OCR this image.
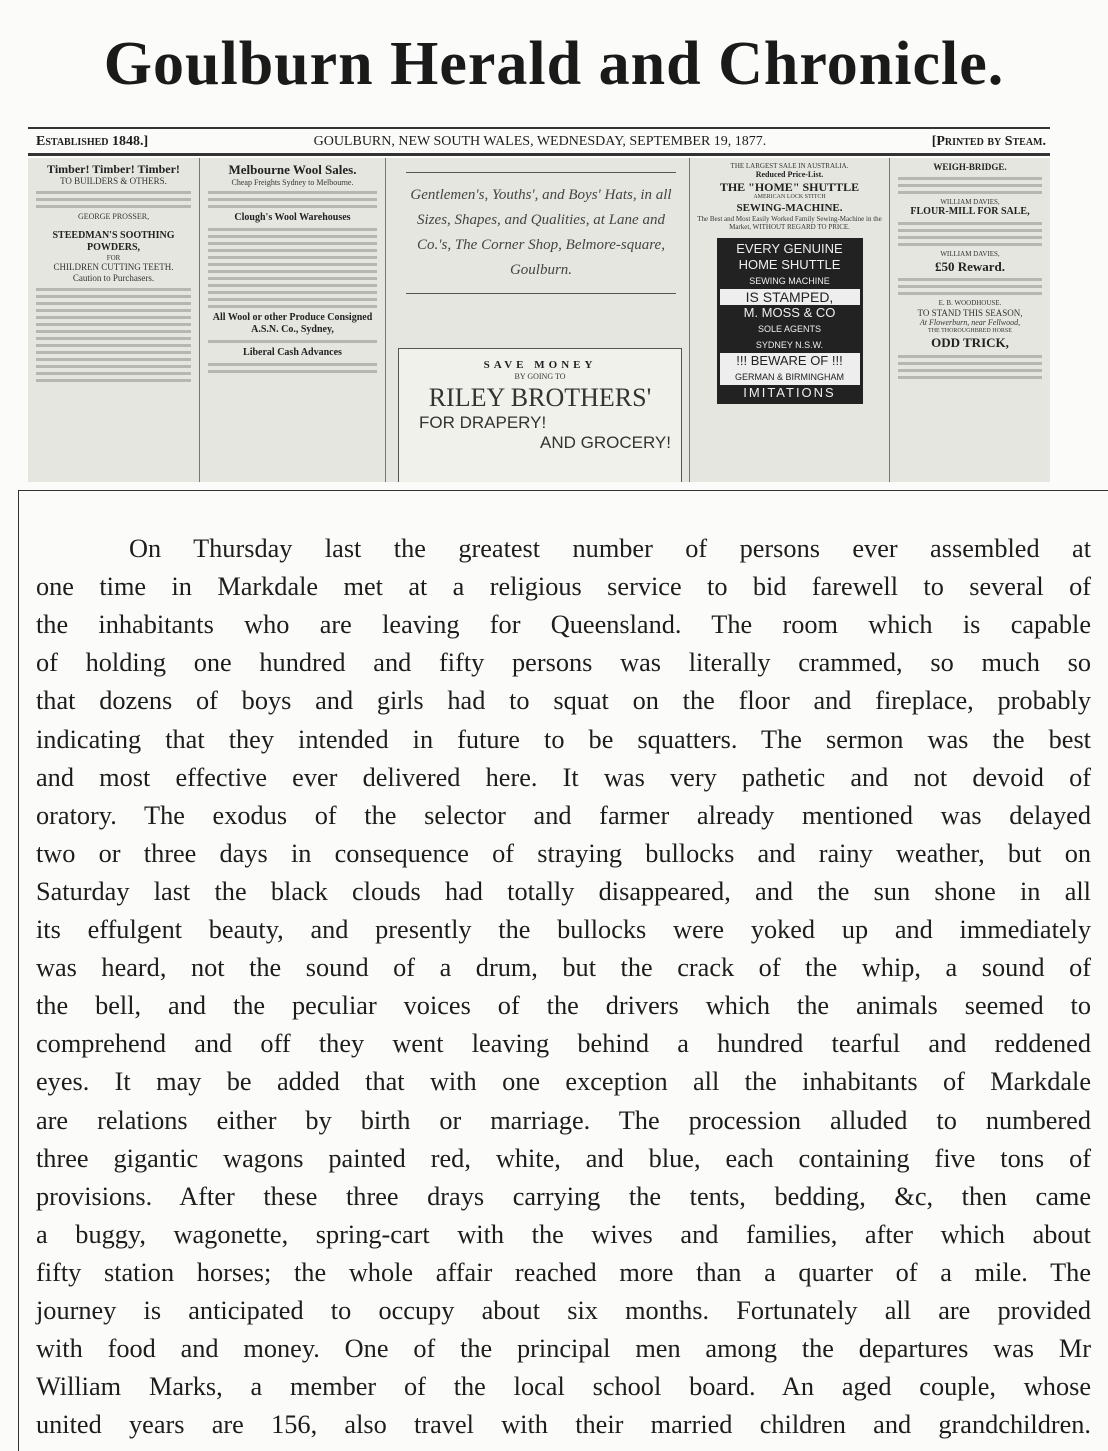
Goulburn Herald and Chronicle.
Established 1848.]	GOULBURN, NEW SOUTH WALES, WEDNESDAY, SEPTEMBER 19, 1877.	[Printed by Steam.
Timber! Timber! Timber!
TO BUILDERS & OTHERS.
GEORGE PROSSER,
STEEDMAN'S SOOTHING POWDERS,
FOR
CHILDREN CUTTING TEETH.
Caution to Purchasers.
Melbourne Wool Sales.
Cheap Freights Sydney to Melbourne.
Clough's Wool Warehouses
All Wool or other Produce Consigned A.S.N. Co., Sydney,
Liberal Cash Advances
Gentlemen's, Youths', and Boys' Hats, in all Sizes, Shapes, and Qualities, at Lane and Co.'s, The Corner Shop, Belmore-square, Goulburn.
SAVE MONEY
BY GOING TO
RILEY BROTHERS'
FOR DRAPERY!
AND GROCERY!
THE LARGEST SALE IN AUSTRALIA.
Reduced Price-List.
THE "HOME" SHUTTLE
AMERICAN LOCK STITCH
SEWING-MACHINE.
The Best and Most Easily Worked Family Sewing-Machine in the Market, WITHOUT REGARD TO PRICE.
EVERY GENUINE
HOME SHUTTLE
SEWING MACHINE
IS STAMPED,
M. MOSS & CO
SOLE AGENTS
SYDNEY N.S.W.
!!! BEWARE OF !!!
GERMAN & BIRMINGHAM
IMITATIONS
WEIGH-BRIDGE.
WILLIAM DAVIES,
FLOUR-MILL FOR SALE,
WILLIAM DAVIES,
£50 Reward.
E. B. WOODHOUSE.
TO STAND THIS SEASON,
At Flowerburn, near Fellwood,
THE THOROUGHBRED HORSE
ODD TRICK,
On Thursday last the greatest number of persons ever assembled at
one time in Markdale met at a religious service to bid farewell to several of
the inhabitants who are leaving for Queensland. The room which is capable
of holding one hundred and fifty persons was literally crammed, so much so
that dozens of boys and girls had to squat on the floor and fireplace, probably
indicating that they intended in future to be squatters. The sermon was the best
and most effective ever delivered here. It was very pathetic and not devoid of
oratory. The exodus of the selector and farmer already mentioned was delayed
two or three days in consequence of straying bullocks and rainy weather, but on
Saturday last the black clouds had totally disappeared, and the sun shone in all
its effulgent beauty, and presently the bullocks were yoked up and immediately
was heard, not the sound of a drum, but the crack of the whip, a sound of
the bell, and the peculiar voices of the drivers which the animals seemed to
comprehend and off they went leaving behind a hundred tearful and reddened
eyes. It may be added that with one exception all the inhabitants of Markdale
are relations either by birth or marriage. The procession alluded to numbered
three gigantic wagons painted red, white, and blue, each containing five tons of
provisions. After these three drays carrying the tents, bedding, &c, then came
a buggy, wagonette, spring-cart with the wives and families, after which about
fifty station horses; the whole affair reached more than a quarter of a mile. The
journey is anticipated to occupy about six months. Fortunately all are provided
with food and money. One of the principal men among the departures was Mr
William Marks, a member of the local school board. An aged couple, whose
united years are 156, also travel with their married children and grandchildren.
